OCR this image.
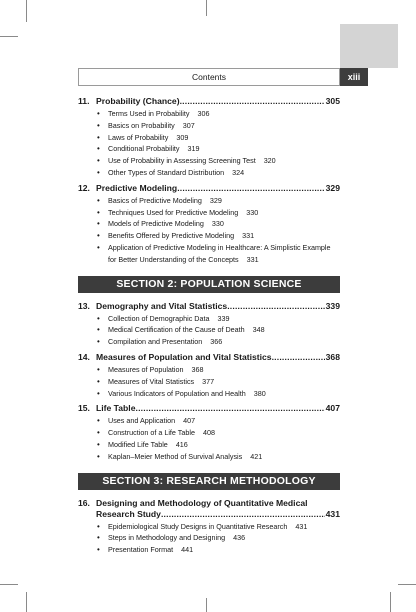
Contents	xiii
11. Probability (Chance) .....	305
• Terms Used in Probability 306
• Basics on Probability 307
• Laws of Probability 309
• Conditional Probability 319
• Use of Probability in Assessing Screening Test 320
• Other Types of Standard Distribution 324
12. Predictive Modeling .....	329
• Basics of Predictive Modeling 329
• Techniques Used for Predictive Modeling 330
• Models of Predictive Modeling 330
• Benefits Offered by Predictive Modeling 331
• Application of Predictive Modeling in Healthcare: A Simplistic Example for Better Understanding of the Concepts 331
SECTION 2: POPULATION SCIENCE
13. Demography and Vital Statistics .....	339
• Collection of Demographic Data 339
• Medical Certification of the Cause of Death 348
• Compilation and Presentation 366
14. Measures of Population and Vital Statistics .....	368
• Measures of Population 368
• Measures of Vital Statistics 377
• Various Indicators of Population and Health 380
15. Life Table .....	407
• Uses and Application 407
• Construction of a Life Table 408
• Modified Life Table 416
• Kaplan–Meier Method of Survival Analysis 421
SECTION 3: RESEARCH METHODOLOGY
16. Designing and Methodology of Quantitative Medical
Research Study .....	431
• Epidemiological Study Designs in Quantitative Research 431
• Steps in Methodology and Designing 436
• Presentation Format 441
